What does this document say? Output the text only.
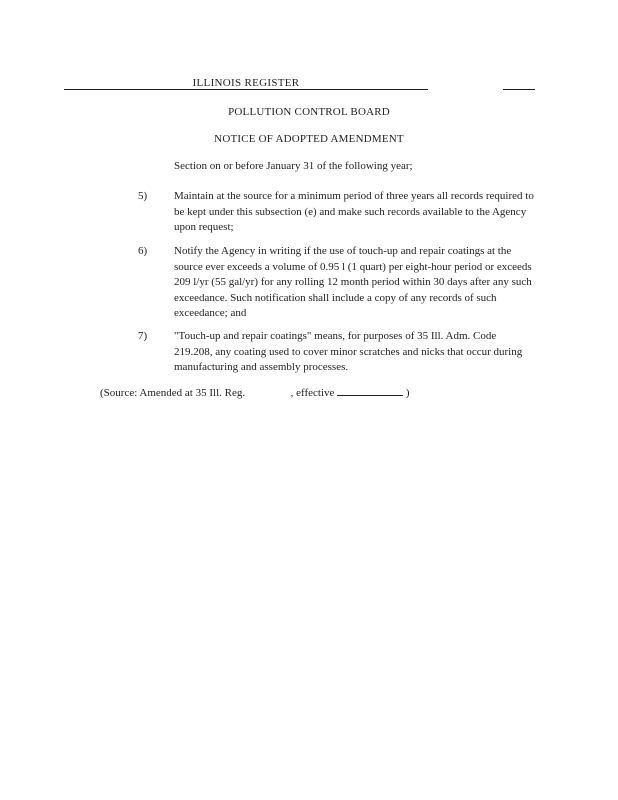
ILLINOIS REGISTER
POLLUTION CONTROL BOARD
NOTICE OF ADOPTED AMENDMENT
Section on or before January 31 of the following year;
5)	Maintain at the source for a minimum period of three years all records required to be kept under this subsection (e) and make such records available to the Agency upon request;
6)	Notify the Agency in writing if the use of touch-up and repair coatings at the source ever exceeds a volume of 0.95 l (1 quart) per eight-hour period or exceeds 209 l/yr (55 gal/yr) for any rolling 12 month period within 30 days after any such exceedance. Such notification shall include a copy of any records of such exceedance; and
7)	"Touch-up and repair coatings" means, for purposes of 35 Ill. Adm. Code 219.208, any coating used to cover minor scratches and nicks that occur during manufacturing and assembly processes.
(Source: Amended at 35 Ill. Reg.	, effective	)
